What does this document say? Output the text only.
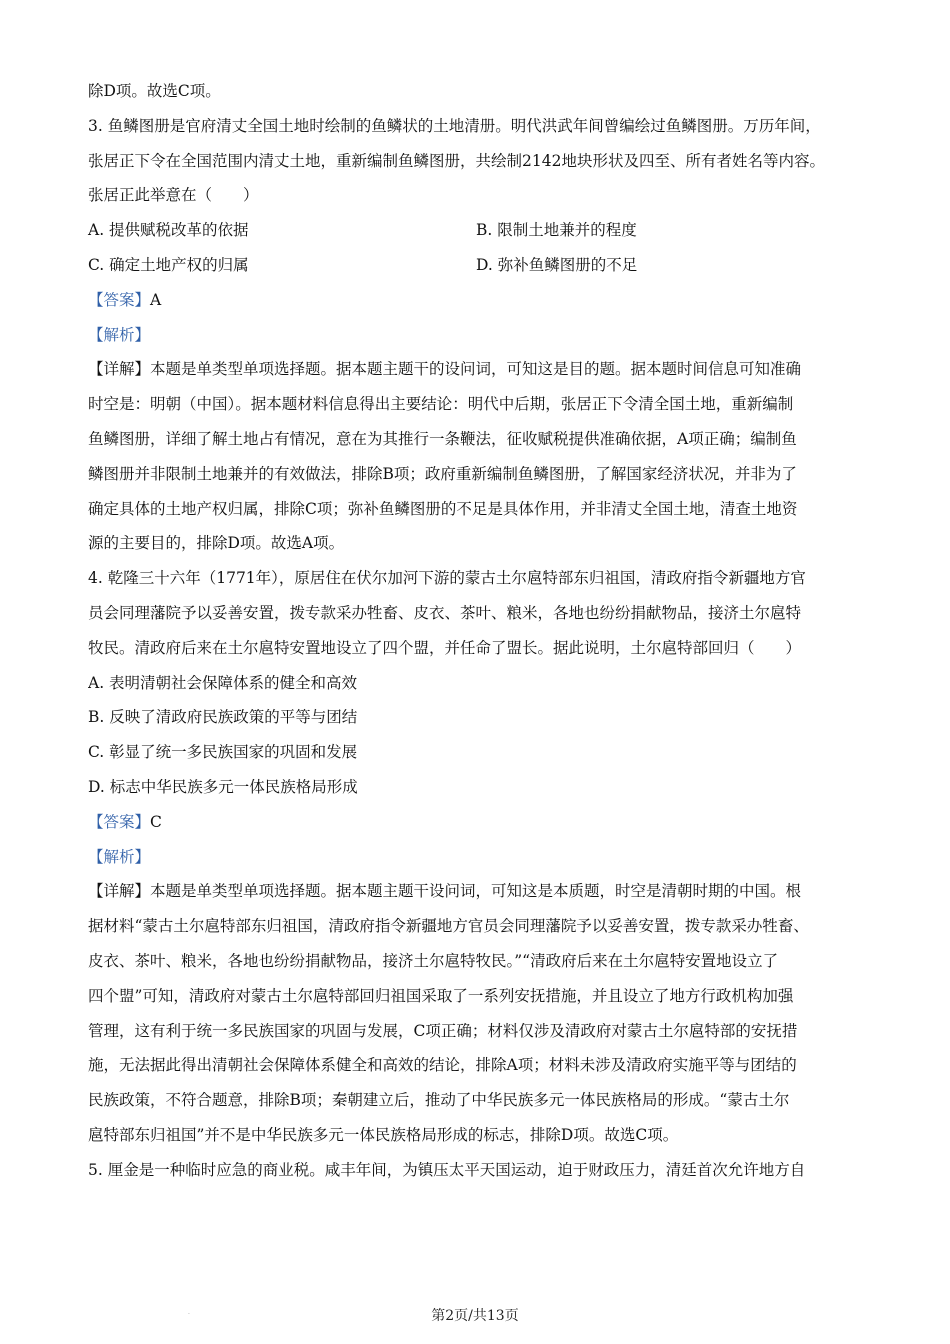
除D项。故选C项。
3. 鱼鳞图册是官府清丈全国土地时绘制的鱼鳞状的土地清册。明代洪武年间曾编绘过鱼鳞图册。万历年间，
张居正下令在全国范围内清丈土地，重新编制鱼鳞图册，共绘制2142地块形状及四至、所有者姓名等内容。
张居正此举意在（　　）
A. 提供赋税改革的依据	B. 限制土地兼并的程度
C. 确定土地产权的归属	D. 弥补鱼鳞图册的不足
【答案】A
【解析】
【详解】本题是单类型单项选择题。据本题主题干的设问词，可知这是目的题。据本题时间信息可知准确
时空是：明朝（中国）。据本题材料信息得出主要结论：明代中后期，张居正下令清全国土地，重新编制
鱼鳞图册，详细了解土地占有情况，意在为其推行一条鞭法，征收赋税提供准确依据，A项正确；编制鱼
鳞图册并非限制土地兼并的有效做法，排除B项；政府重新编制鱼鳞图册，了解国家经济状况，并非为了
确定具体的土地产权归属，排除C项；弥补鱼鳞图册的不足是具体作用，并非清丈全国土地，清查土地资
源的主要目的，排除D项。故选A项。
4. 乾隆三十六年（1771年），原居住在伏尔加河下游的蒙古土尔扈特部东归祖国，清政府指令新疆地方官
员会同理藩院予以妥善安置，拨专款采办牲畜、皮衣、茶叶、粮米，各地也纷纷捐献物品，接济土尔扈特
牧民。清政府后来在土尔扈特安置地设立了四个盟，并任命了盟长。据此说明，土尔扈特部回归（　　）
A. 表明清朝社会保障体系的健全和高效
B. 反映了清政府民族政策的平等与团结
C. 彰显了统一多民族国家的巩固和发展
D. 标志中华民族多元一体民族格局形成
【答案】C
【解析】
【详解】本题是单类型单项选择题。据本题主题干设问词，可知这是本质题，时空是清朝时期的中国。根
据材料“蒙古土尔扈特部东归祖国，清政府指令新疆地方官员会同理藩院予以妥善安置，拨专款采办牲畜、
皮衣、茶叶、粮米，各地也纷纷捐献物品，接济土尔扈特牧民。”“清政府后来在土尔扈特安置地设立了
四个盟”可知，清政府对蒙古土尔扈特部回归祖国采取了一系列安抚措施，并且设立了地方行政机构加强
管理，这有利于统一多民族国家的巩固与发展，C项正确；材料仅涉及清政府对蒙古土尔扈特部的安抚措
施，无法据此得出清朝社会保障体系健全和高效的结论，排除A项；材料未涉及清政府实施平等与团结的
民族政策，不符合题意，排除B项；秦朝建立后，推动了中华民族多元一体民族格局的形成。“蒙古土尔
扈特部东归祖国”并不是中华民族多元一体民族格局形成的标志，排除D项。故选C项。
5. 厘金是一种临时应急的商业税。咸丰年间，为镇压太平天国运动，迫于财政压力，清廷首次允许地方自
·	第2页/共13页
